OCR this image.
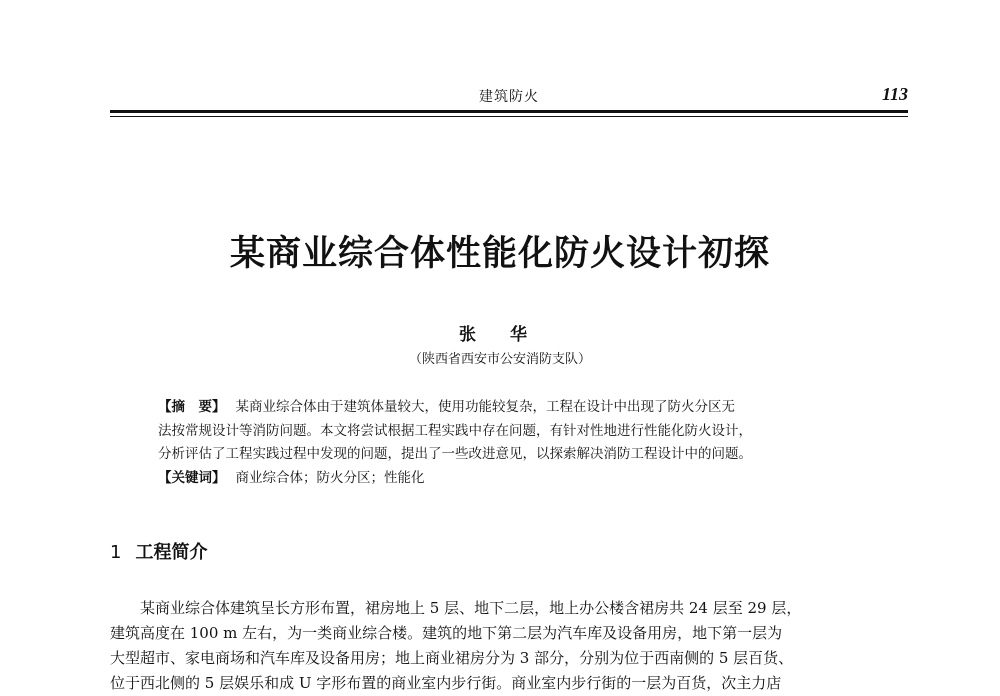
建筑防火	113
某商业综合体性能化防火设计初探
张 华
（陕西省西安市公安消防支队）
【摘　要】 某商业综合体由于建筑体量较大，使用功能较复杂，工程在设计中出现了防火分区无
法按常规设计等消防问题。本文将尝试根据工程实践中存在问题，有针对性地进行性能化防火设计，
分析评估了工程实践过程中发现的问题，提出了一些改进意见，以探索解决消防工程设计中的问题。
【关键词】 商业综合体；防火分区；性能化
1 工程简介
某商业综合体建筑呈长方形布置，裙房地上 5 层、地下二层，地上办公楼含裙房共 24 层至 29 层，
建筑高度在 100 m 左右，为一类商业综合楼。建筑的地下第二层为汽车库及设备用房，地下第一层为
大型超市、家电商场和汽车库及设备用房；地上商业裙房分为 3 部分，分别为位于西南侧的 5 层百货、
位于西北侧的 5 层娱乐和成 U 字形布置的商业室内步行街。商业室内步行街的一层为百货，次主力店
